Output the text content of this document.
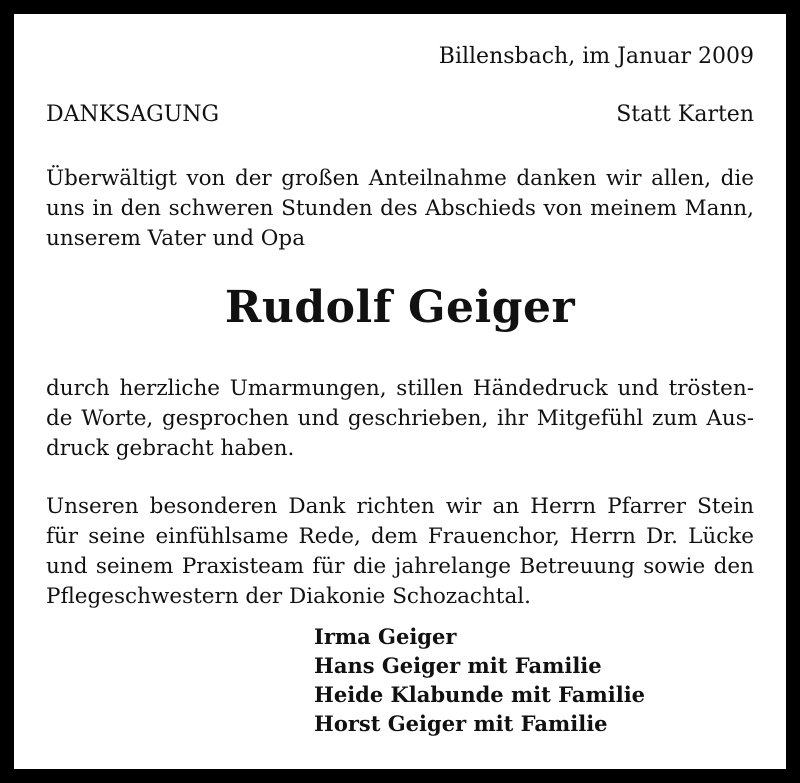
Billensbach, im Januar 2009
DANKSAGUNG	Statt Karten
Überwältigt von der großen Anteilnahme danken wir allen, die
uns in den schweren Stunden des Abschieds von meinem Mann,
unserem Vater und Opa
Rudolf Geiger
durch herzliche Umarmungen, stillen Händedruck und trösten-
de Worte, gesprochen und geschrieben, ihr Mitgefühl zum Aus-
druck gebracht haben.
Unseren besonderen Dank richten wir an Herrn Pfarrer Stein
für seine einfühlsame Rede, dem Frauenchor, Herrn Dr. Lücke
und seinem Praxisteam für die jahrelange Betreuung sowie den
Pflegeschwestern der Diakonie Schozachtal.
Irma Geiger
Hans Geiger mit Familie
Heide Klabunde mit Familie
Horst Geiger mit Familie
